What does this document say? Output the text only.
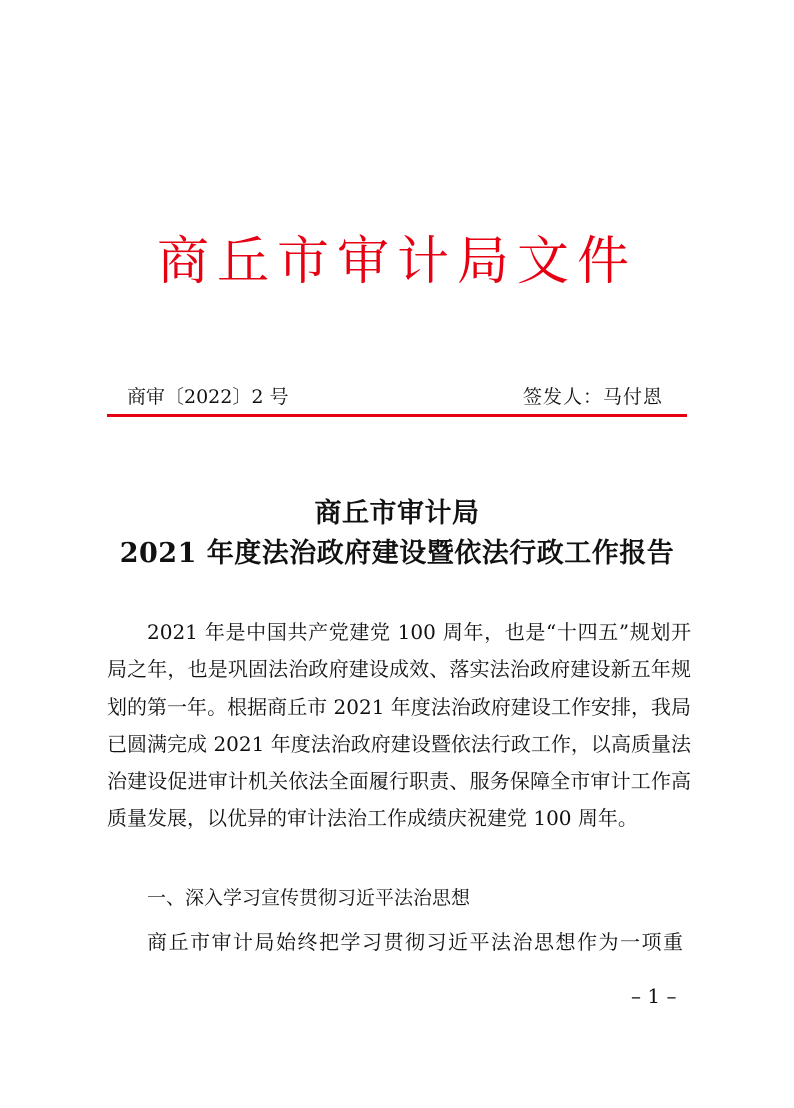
商丘市审计局文件
商审〔2022〕2 号	签发人：马付恩
商丘市审计局
2021 年度法治政府建设暨依法行政工作报告

2021 年是中国共产党建党 100 周年，也是“十四五”规划开局之年，也是巩固法治政府建设成效、落实法治政府建设新五年规划的第一年。根据商丘市 2021 年度法治政府建设工作安排，我局已圆满完成 2021 年度法治政府建设暨依法行政工作，以高质量法治建设促进审计机关依法全面履行职责、服务保障全市审计工作高质量发展，以优异的审计法治工作成绩庆祝建党 100 周年。

一、深入学习宣传贯彻习近平法治思想

商丘市审计局始终把学习贯彻习近平法治思想作为一项重

– 1 –
